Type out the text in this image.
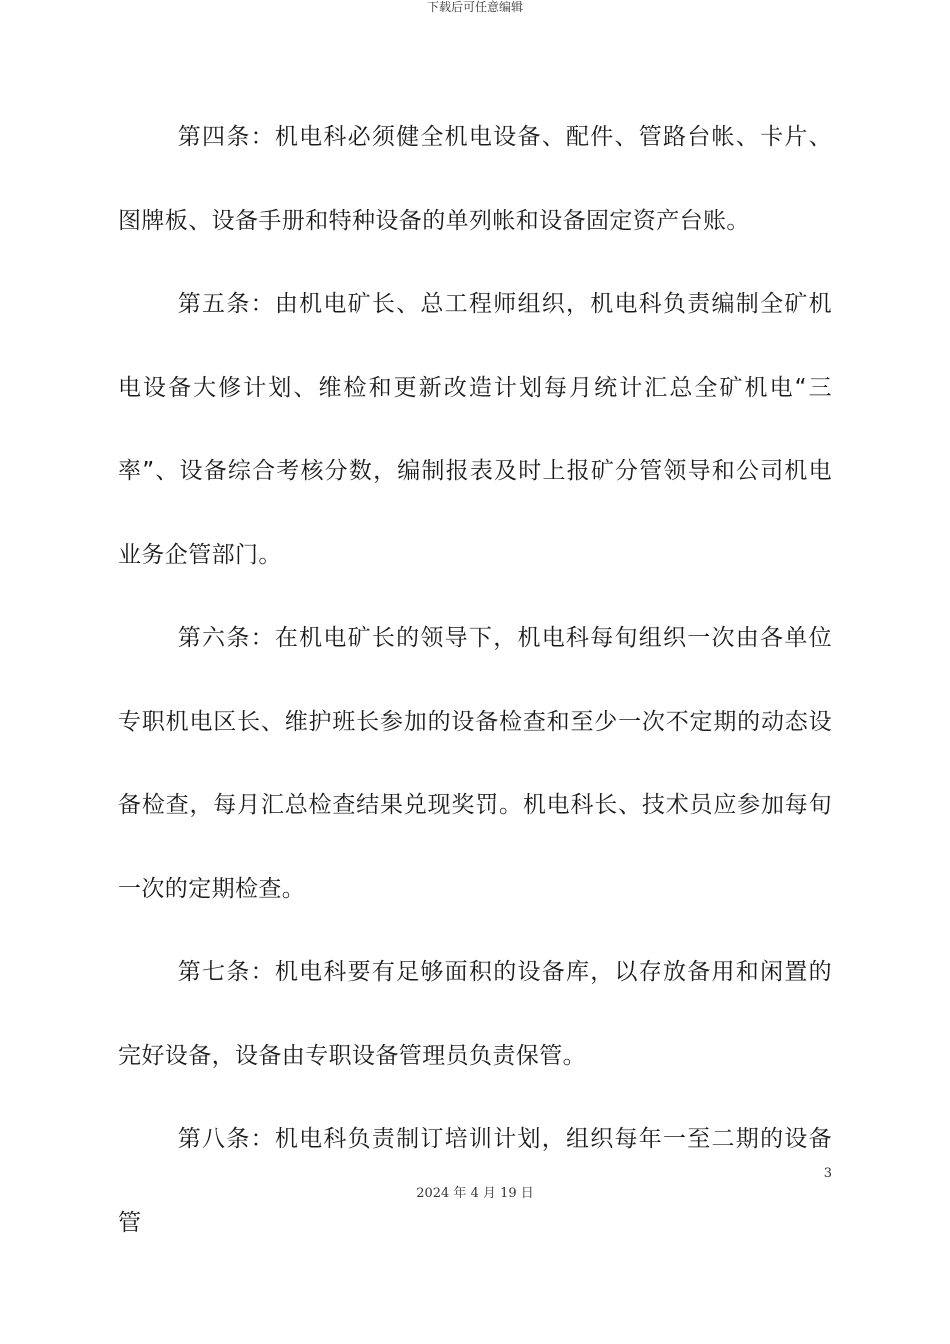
下载后可任意编辑

第四条：机电科必须健全机电设备、配件、管路台帐、卡片、图牌板、设备手册和特种设备的单列帐和设备固定资产台账。

第五条：由机电矿长、总工程师组织，机电科负责编制全矿机电设备大修计划、维检和更新改造计划每月统计汇总全矿机电“三率”、设备综合考核分数，编制报表及时上报矿分管领导和公司机电业务企管部门。

第六条：在机电矿长的领导下，机电科每旬组织一次由各单位专职机电区长、维护班长参加的设备检查和至少一次不定期的动态设备检查，每月汇总检查结果兑现奖罚。机电科长、技术员应参加每旬一次的定期检查。

第七条：机电科要有足够面积的设备库，以存放备用和闲置的完好设备，设备由专职设备管理员负责保管。

第八条：机电科负责制订培训计划，组织每年一至二期的设备管

3
2024 年 4 月 19 日
